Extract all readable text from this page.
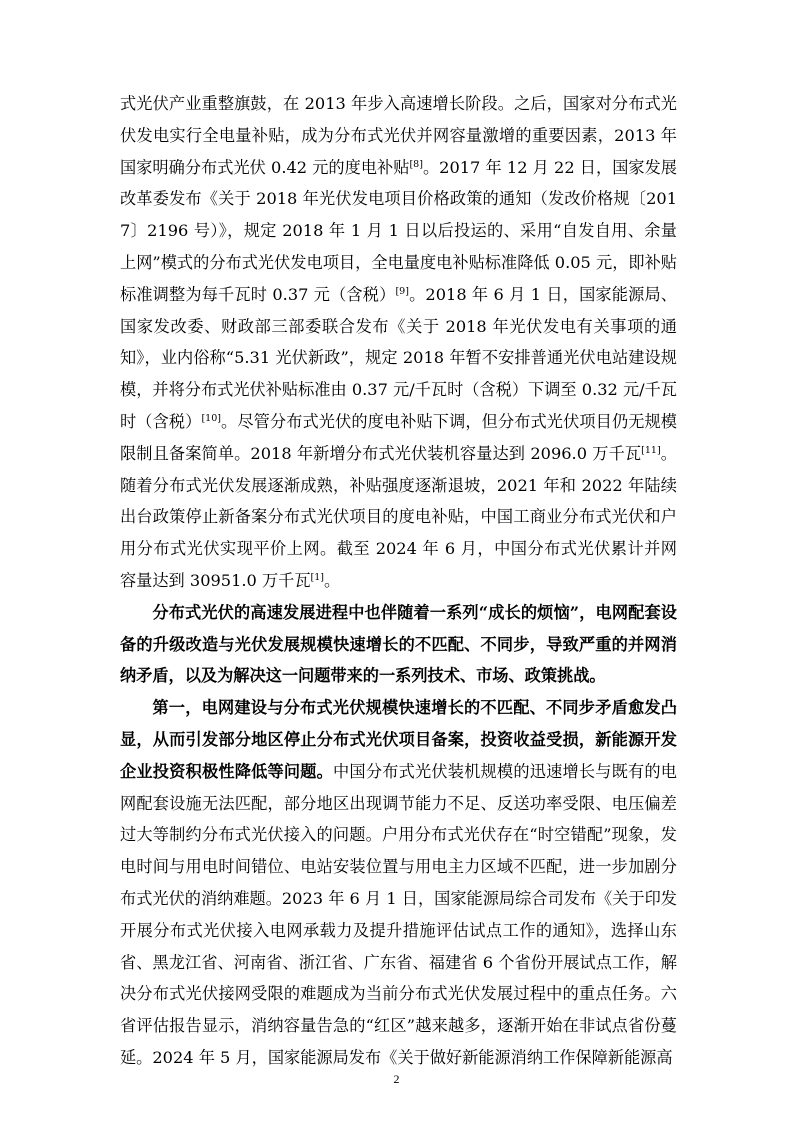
式光伏产业重整旗鼓，在 2013 年步入高速增长阶段。之后，国家对分布式光伏发电实行全电量补贴，成为分布式光伏并网容量激增的重要因素，2013 年国家明确分布式光伏 0.42 元的度电补贴[8]。2017 年 12 月 22 日，国家发展改革委发布《关于 2018 年光伏发电项目价格政策的通知（发改价格规〔2017〕2196 号）》，规定 2018 年 1 月 1 日以后投运的、采用“自发自用、余量上网”模式的分布式光伏发电项目，全电量度电补贴标准降低 0.05 元，即补贴标准调整为每千瓦时 0.37 元（含税）[9]。2018 年 6 月 1 日，国家能源局、国家发改委、财政部三部委联合发布《关于 2018 年光伏发电有关事项的通知》，业内俗称“5.31 光伏新政”，规定 2018 年暂不安排普通光伏电站建设规模，并将分布式光伏补贴标准由 0.37 元/千瓦时（含税）下调至 0.32 元/千瓦时（含税）[10]。尽管分布式光伏的度电补贴下调，但分布式光伏项目仍无规模限制且备案简单。2018 年新增分布式光伏装机容量达到 2096.0 万千瓦[11]。随着分布式光伏发展逐渐成熟，补贴强度逐渐退坡，2021 年和 2022 年陆续出台政策停止新备案分布式光伏项目的度电补贴，中国工商业分布式光伏和户用分布式光伏实现平价上网。截至 2024 年 6 月，中国分布式光伏累计并网容量达到 30951.0 万千瓦[1]。

分布式光伏的高速发展进程中也伴随着一系列“成长的烦恼”，电网配套设备的升级改造与光伏发展规模快速增长的不匹配、不同步，导致严重的并网消纳矛盾，以及为解决这一问题带来的一系列技术、市场、政策挑战。

第一，电网建设与分布式光伏规模快速增长的不匹配、不同步矛盾愈发凸显，从而引发部分地区停止分布式光伏项目备案，投资收益受损，新能源开发企业投资积极性降低等问题。中国分布式光伏装机规模的迅速增长与既有的电网配套设施无法匹配，部分地区出现调节能力不足、反送功率受限、电压偏差过大等制约分布式光伏接入的问题。户用分布式光伏存在“时空错配”现象，发电时间与用电时间错位、电站安装位置与用电主力区域不匹配，进一步加剧分布式光伏的消纳难题。2023 年 6 月 1 日，国家能源局综合司发布《关于印发开展分布式光伏接入电网承载力及提升措施评估试点工作的通知》，选择山东省、黑龙江省、河南省、浙江省、广东省、福建省 6 个省份开展试点工作，解决分布式光伏接网受限的难题成为当前分布式光伏发展过程中的重点任务。六省评估报告显示，消纳容量告急的“红区”越来越多，逐渐开始在非试点省份蔓延。2024 年 5 月，国家能源局发布《关于做好新能源消纳工作保障新能源高

2
